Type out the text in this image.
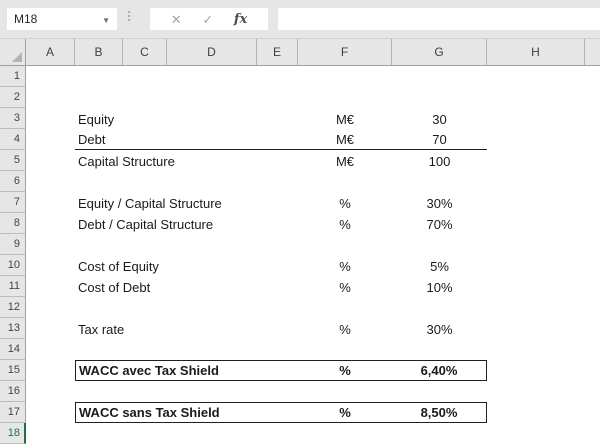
M18	▼	✕ ✓ fx
A	B	C	D	E	F	G	H
1
2
3	Equity	M€	30
4	Debt	M€	70
5	Capital Structure	M€	100
6
7	Equity / Capital Structure	%	30%
8	Debt / Capital Structure	%	70%
9
10	Cost of Equity	%	5%
11	Cost of Debt	%	10%
12
13	Tax rate	%	30%
14
15	WACC avec Tax Shield	%	6,40%
16
17	WACC sans Tax Shield	%	8,50%
18
